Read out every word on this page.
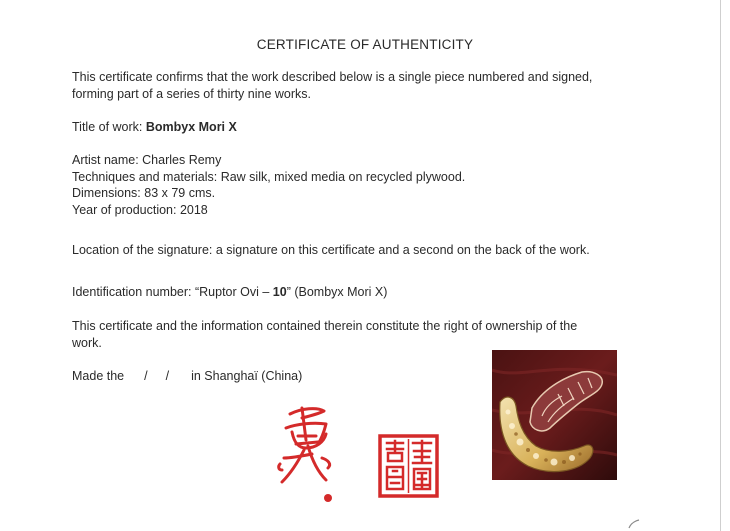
CERTIFICATE OF AUTHENTICITY
This certificate confirms that the work described below is a single piece numbered and signed,
forming part of a series of thirty nine works.
Title of work: Bombyx Mori X
Artist name: Charles Remy
Techniques and materials: Raw silk, mixed media on recycled plywood.
Dimensions: 83 x 79 cms.
Year of production: 2018
Location of the signature: a signature on this certificate and a second on the back of the work.
Identification number: “Ruptor Ovi – 10” (Bombyx Mori X)
This certificate and the information contained therein constitute the right of ownership of the
work.
Made the / / in Shanghaï (China)
